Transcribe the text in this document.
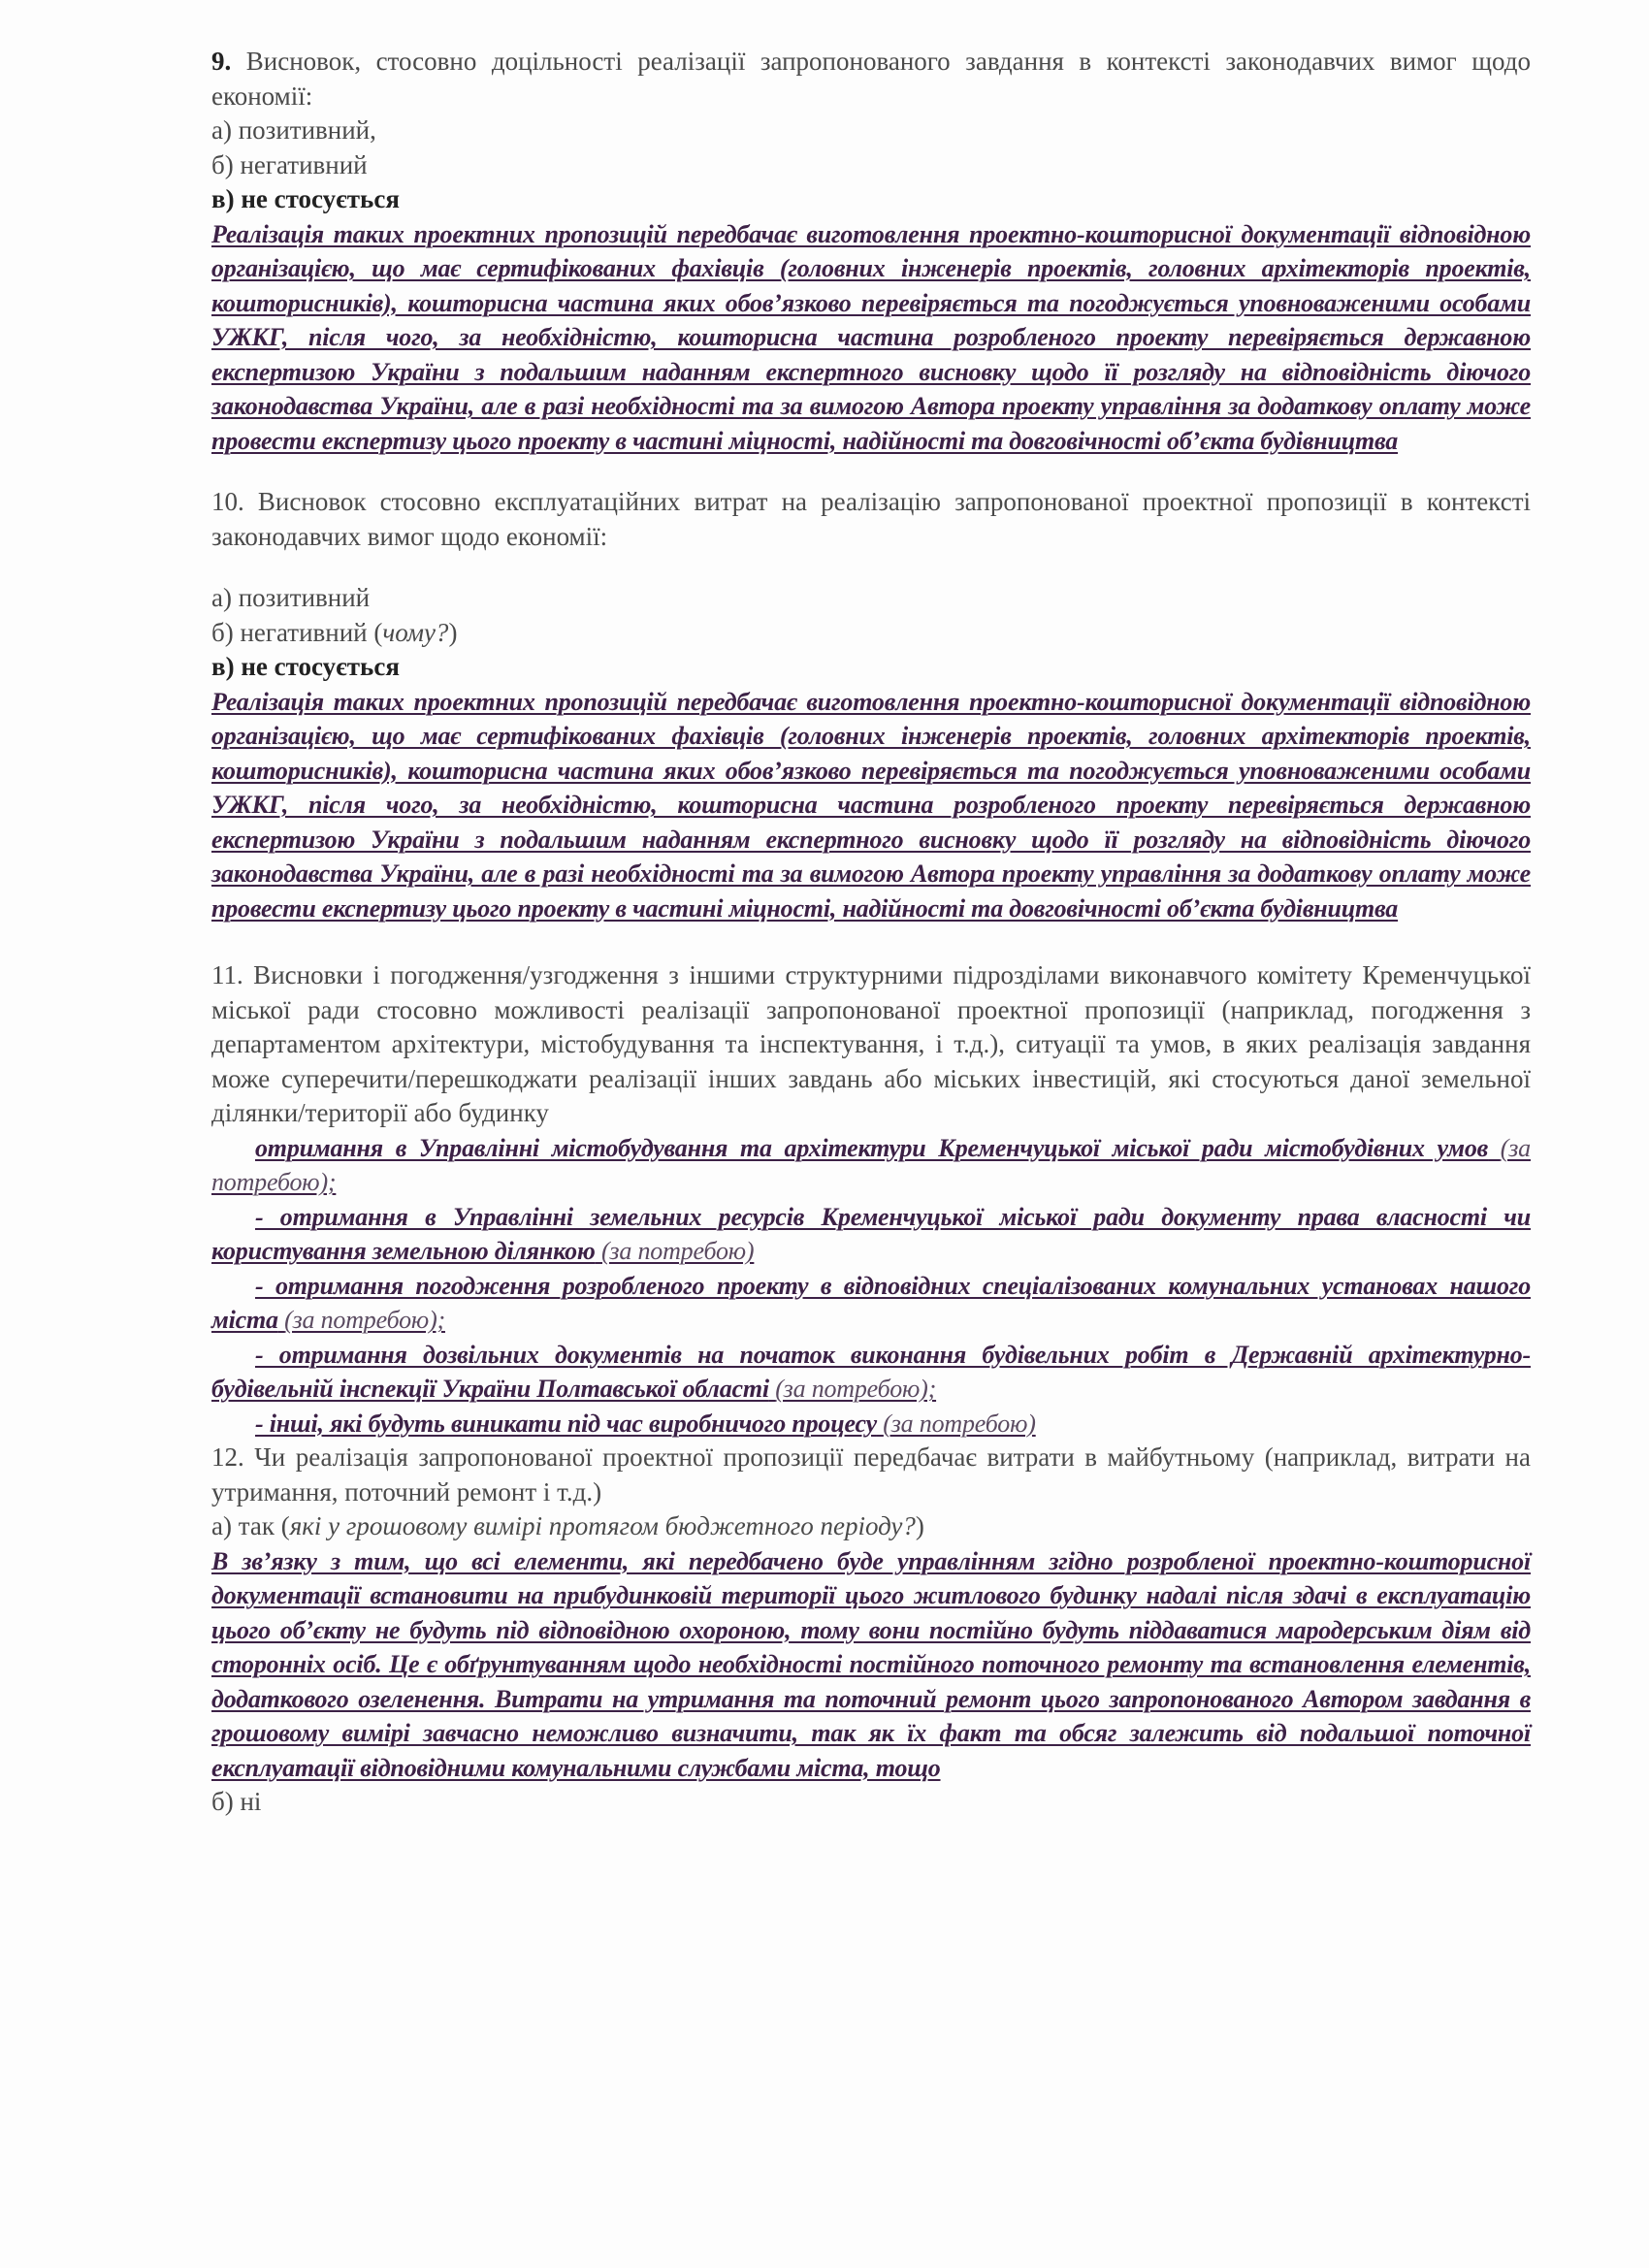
9. Висновок, стосовно доцільності реалізації запропонованого завдання в контексті законодавчих вимог щодо економії:

а) позитивний,

б) негативний

в) не стосується

Реалізація таких проектних пропозицій передбачає виготовлення проектно-кошторисної документації відповідною організацією, що має сертифікованих фахівців (головних інженерів проектів, головних архітекторів проектів, кошторисників), кошторисна частина яких обов’язково перевіряється та погоджується уповноваженими особами УЖКГ, після чого, за необхідністю, кошторисна частина розробленого проекту перевіряється державною експертизою України з подальшим наданням експертного висновку щодо її розгляду на відповідність діючого законодавства України, але в разі необхідності та за вимогою Автора проекту управління за додаткову оплату може провести експертизу цього проекту в частині міцності, надійності та довговічності об’єкта будівництва

10. Висновок стосовно експлуатаційних витрат на реалізацію запропонованої проектної пропозиції в контексті законодавчих вимог щодо економії:

а) позитивний

б) негативний (чому?)

в) не стосується

Реалізація таких проектних пропозицій передбачає виготовлення проектно-кошторисної документації відповідною організацією, що має сертифікованих фахівців (головних інженерів проектів, головних архітекторів проектів, кошторисників), кошторисна частина яких обов’язково перевіряється та погоджується уповноваженими особами УЖКГ, після чого, за необхідністю, кошторисна частина розробленого проекту перевіряється державною експертизою України з подальшим наданням експертного висновку щодо її розгляду на відповідність діючого законодавства України, але в разі необхідності та за вимогою Автора проекту управління за додаткову оплату може провести експертизу цього проекту в частині міцності, надійності та довговічності об’єкта будівництва

11. Висновки і погодження/узгодження з іншими структурними підрозділами виконавчого комітету Кременчуцької міської ради стосовно можливості реалізації запропонованої проектної пропозиції (наприклад, погодження з департаментом архітектури, містобудування та інспектування, і т.д.), ситуації та умов, в яких реалізація завдання може суперечити/перешкоджати реалізації інших завдань або міських інвестицій, які стосуються даної земельної ділянки/території або будинку

отримання в Управлінні містобудування та архітектури Кременчуцької міської ради містобудівних умов (за потребою);

- отримання в Управлінні земельних ресурсів Кременчуцької міської ради документу права власності чи користування земельною ділянкою (за потребою)

- отримання погодження розробленого проекту в відповідних спеціалізованих комунальних установах нашого міста (за потребою);

- отримання дозвільних документів на початок виконання будівельних робіт в Державній архітектурно-будівельній інспекції України Полтавської області (за потребою);

- інші, які будуть виникати під час виробничого процесу (за потребою)

12. Чи реалізація запропонованої проектної пропозиції передбачає витрати в майбутньому (наприклад, витрати на утримання, поточний ремонт і т.д.)

а) так (які у грошовому вимірі протягом бюджетного періоду?)

В зв’язку з тим, що всі елементи, які передбачено буде управлінням згідно розробленої проектно-кошторисної документації встановити на прибудинковій території цього житлового будинку надалі після здачі в експлуатацію цього об’єкту не будуть під відповідною охороною, тому вони постійно будуть піддаватися мародерським діям від сторонніх осіб. Це є обґрунтуванням щодо необхідності постійного поточного ремонту та встановлення елементів, додаткового озеленення. Витрати на утримання та поточний ремонт цього запропонованого Автором завдання в грошовому вимірі завчасно неможливо визначити, так як їх факт та обсяг залежить від подальшої поточної експлуатації відповідними комунальними службами міста, тощо

б) ні
